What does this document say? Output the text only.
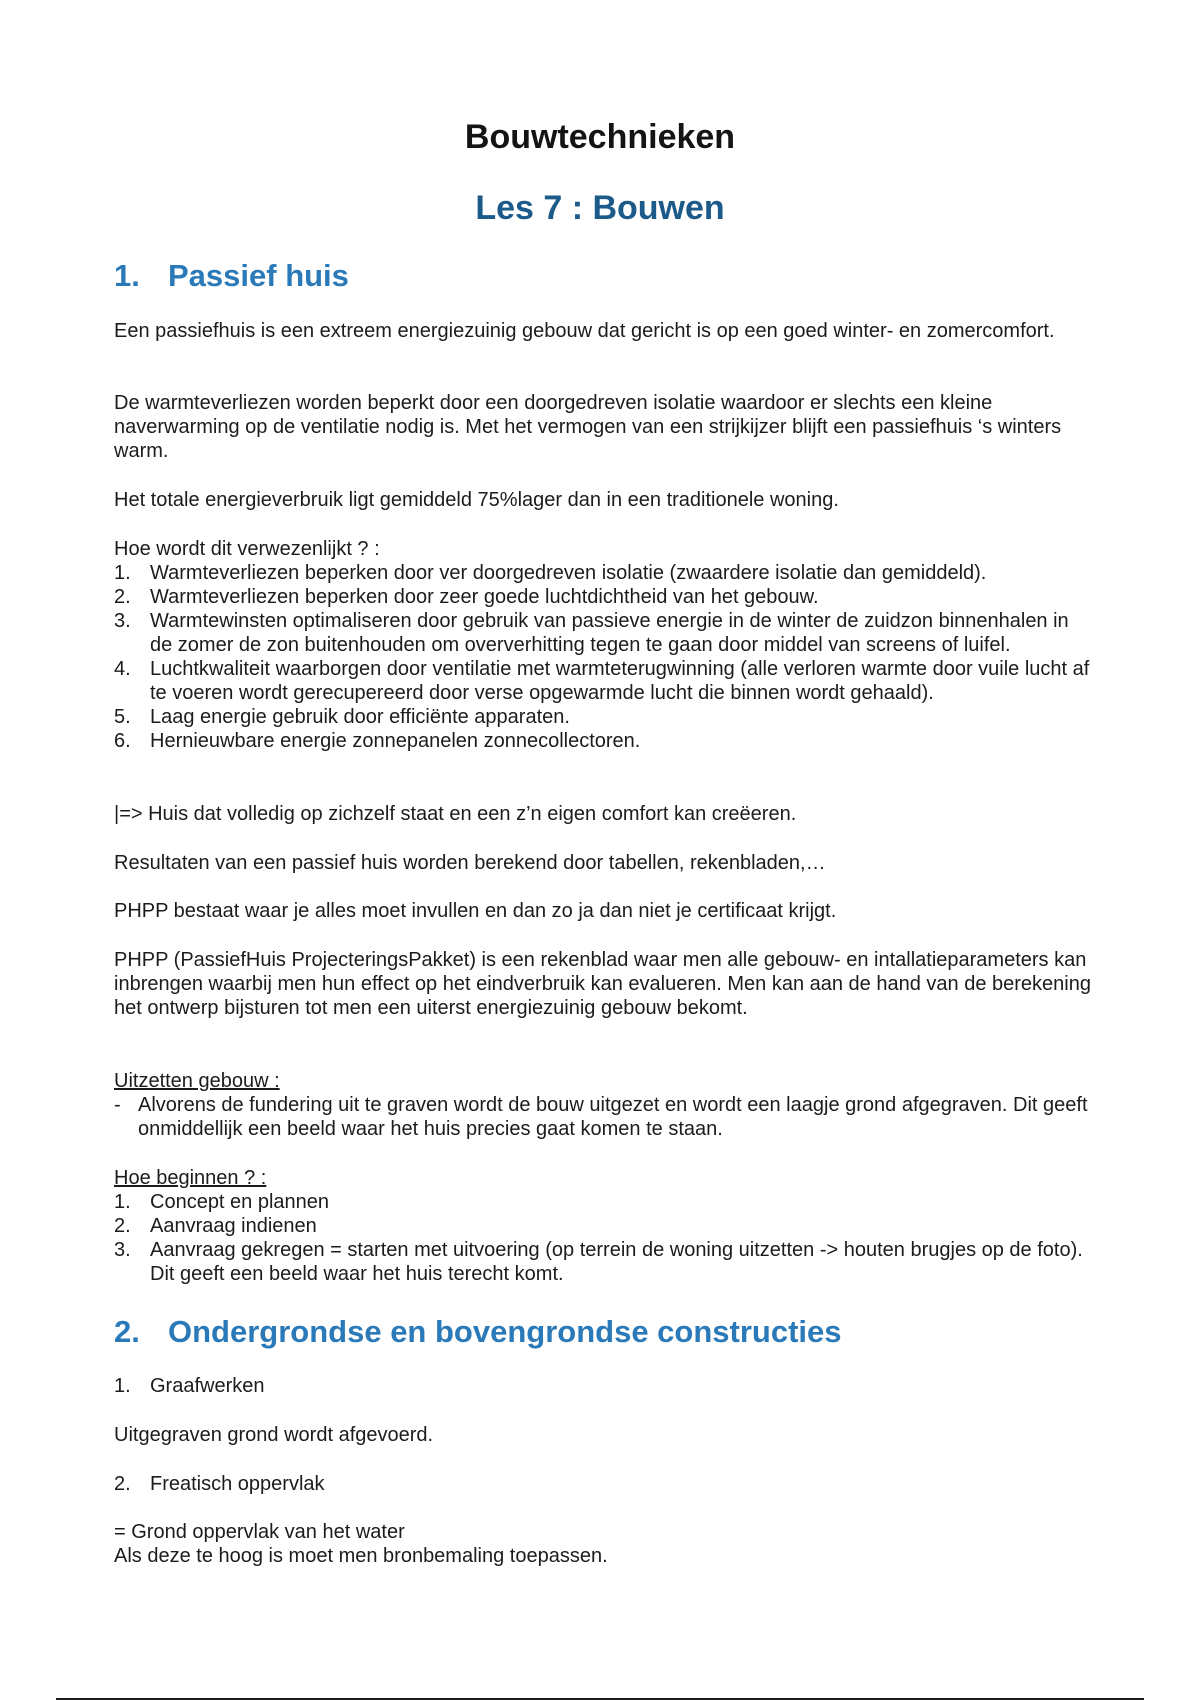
Bouwtechnieken
Les 7 : Bouwen
1. Passief huis

Een passiefhuis is een extreem energiezuinig gebouw dat gericht is op een goed winter- en zomercomfort.

De warmteverliezen worden beperkt door een doorgedreven isolatie waardoor er slechts een kleine naverwarming op de ventilatie nodig is. Met het vermogen van een strijkijzer blijft een passiefhuis ‘s winters warm.

Het totale energieverbruik ligt gemiddeld 75%lager dan in een traditionele woning.

Hoe wordt dit verwezenlijkt ? :

1. Warmteverliezen beperken door ver doorgedreven isolatie (zwaardere isolatie dan gemiddeld).
2. Warmteverliezen beperken door zeer goede luchtdichtheid van het gebouw.
3. Warmtewinsten optimaliseren door gebruik van passieve energie in de winter de zuidzon binnenhalen in de zomer de zon buitenhouden om oververhitting tegen te gaan door middel van screens of luifel.
4. Luchtkwaliteit waarborgen door ventilatie met warmteterugwinning (alle verloren warmte door vuile lucht af te voeren wordt gerecupereerd door verse opgewarmde lucht die binnen wordt gehaald).
5. Laag energie gebruik door efficiënte apparaten.
6. Hernieuwbare energie zonnepanelen zonnecollectoren.

|=> Huis dat volledig op zichzelf staat en een z’n eigen comfort kan creëeren.

Resultaten van een passief huis worden berekend door tabellen, rekenbladen,…

PHPP bestaat waar je alles moet invullen en dan zo ja dan niet je certificaat krijgt.

PHPP (PassiefHuis ProjecteringsPakket) is een rekenblad waar men alle gebouw- en intallatieparameters kan inbrengen waarbij men hun effect op het eindverbruik kan evalueren. Men kan aan de hand van de berekening het ontwerp bijsturen tot men een uiterst energiezuinig gebouw bekomt.

Uitzetten gebouw :

- Alvorens de fundering uit te graven wordt de bouw uitgezet en wordt een laagje grond afgegraven. Dit geeft onmiddellijk een beeld waar het huis precies gaat komen te staan.

Hoe beginnen ? :

1. Concept en plannen
2. Aanvraag indienen
3. Aanvraag gekregen = starten met uitvoering (op terrein de woning uitzetten -> houten brugjes op de foto). Dit geeft een beeld waar het huis terecht komt.
2. Ondergrondse en bovengrondse constructies
1. Graafwerken

Uitgegraven grond wordt afgevoerd.

2. Freatisch oppervlak

= Grond oppervlak van het water

Als deze te hoog is moet men bronbemaling toepassen.
